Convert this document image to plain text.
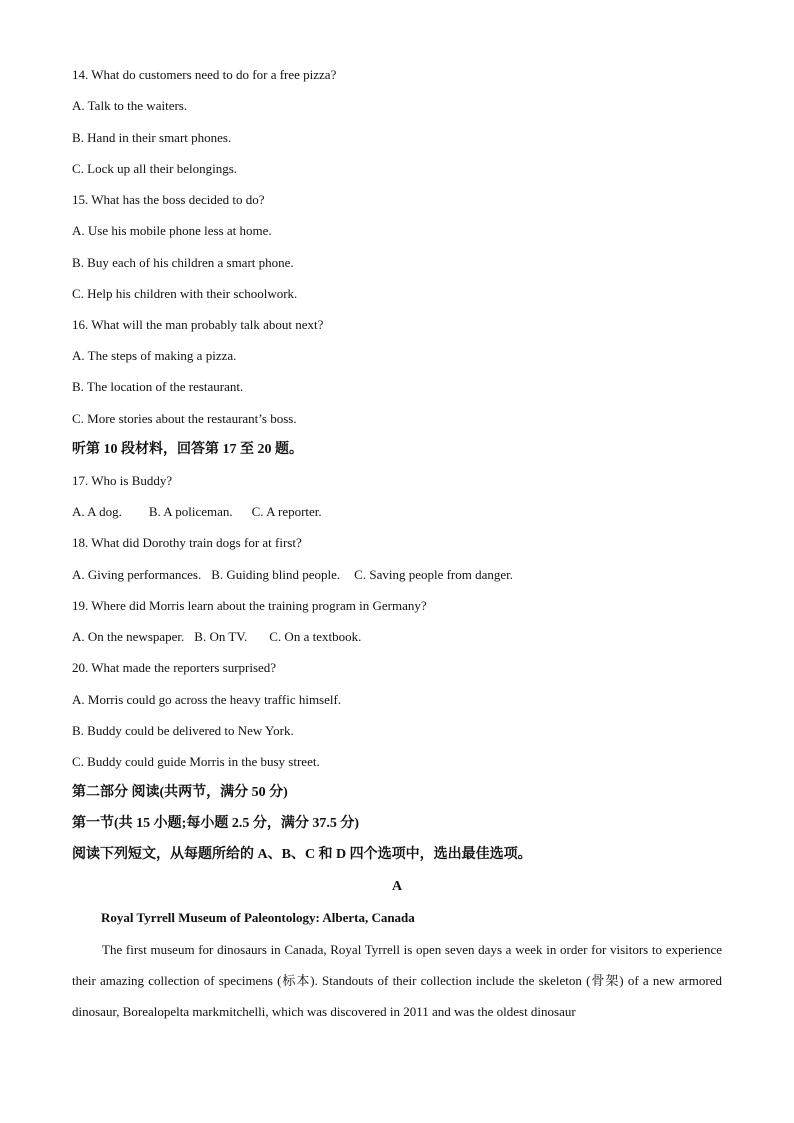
14. What do customers need to do for a free pizza?
A. Talk to the waiters.
B. Hand in their smart phones.
C. Lock up all their belongings.
15. What has the boss decided to do?
A. Use his mobile phone less at home.
B. Buy each of his children a smart phone.
C. Help his children with their schoolwork.
16. What will the man probably talk about next?
A. The steps of making a pizza.
B. The location of the restaurant.
C. More stories about the restaurant’s boss.
听第 10 段材料，回答第 17 至 20 题。
17. Who is Buddy?
A. A dog. B. A policeman. C. A reporter.
18. What did Dorothy train dogs for at first?
A. Giving performances. B. Guiding blind people. C. Saving people from danger.
19. Where did Morris learn about the training program in Germany?
A. On the newspaper. B. On TV. C. On a textbook.
20. What made the reporters surprised?
A. Morris could go across the heavy traffic himself.
B. Buddy could be delivered to New York.
C. Buddy could guide Morris in the busy street.
第二部分 阅读(共两节，满分 50 分)
第一节(共 15 小题;每小题 2.5 分，满分 37.5 分)
阅读下列短文，从每题所给的 A、B、C 和 D 四个选项中，选出最佳选项。
A
Royal Tyrrell Museum of Paleontology: Alberta, Canada
The first museum for dinosaurs in Canada, Royal Tyrrell is open seven days a week in order for visitors to experience their amazing collection of specimens (标本). Standouts of their collection include the skeleton (骨架) of a new armored dinosaur, Borealopelta markmitchelli, which was discovered in 2011 and was the oldest dinosaur
